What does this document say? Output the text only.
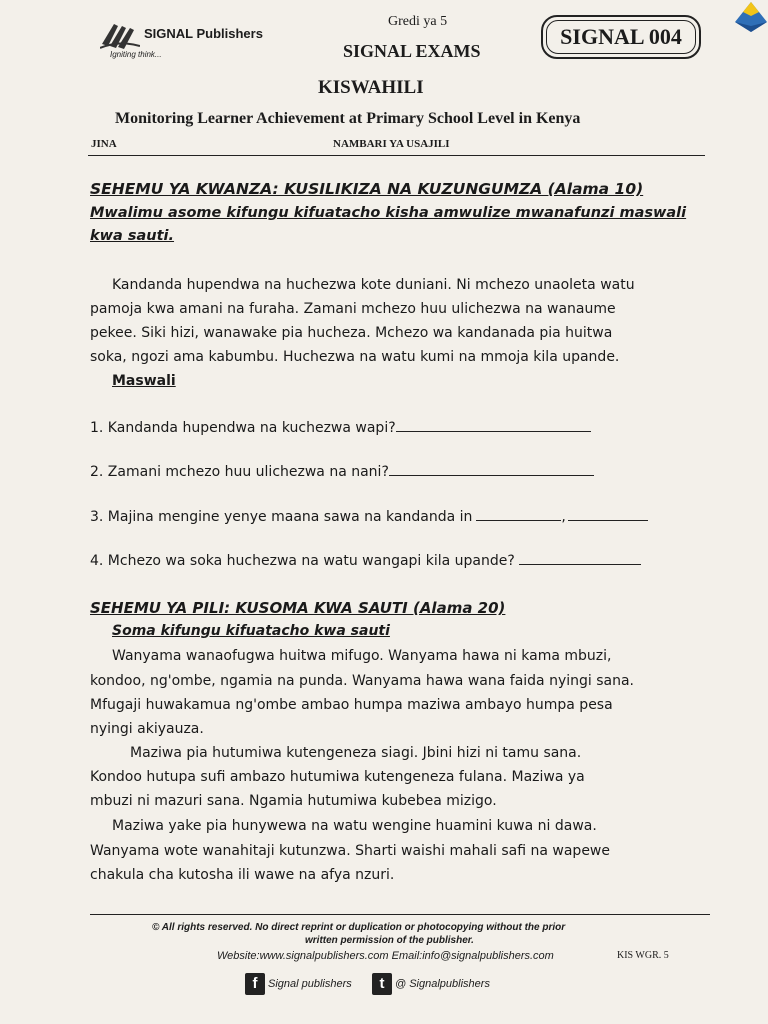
SIGNAL Publishers
Igniting think...
Gredi ya 5
SIGNAL EXAMS
SIGNAL 004
KISWAHILI
Monitoring Learner Achievement at Primary School Level in Kenya
JINA	NAMBARI YA USAJILI
SEHEMU YA KWANZA: KUSILIKIZA NA KUZUNGUMZA (Alama 10)
Mwalimu asome kifungu kifuatacho kisha amwulize mwanafunzi maswali
kwa sauti.
Kandanda hupendwa na huchezwa kote duniani. Ni mchezo unaoleta watu
pamoja kwa amani na furaha. Zamani mchezo huu ulichezwa na wanaume
pekee. Siki hizi, wanawake pia hucheza. Mchezo wa kandanada pia huitwa
soka, ngozi ama kabumbu. Huchezwa na watu kumi na mmoja kila upande.
Maswali
1. Kandanda hupendwa na kuchezwa wapi?
2. Zamani mchezo huu ulichezwa na nani?
3. Majina mengine yenye maana sawa na kandanda in	,
4. Mchezo wa soka huchezwa na watu wangapi kila upande?
SEHEMU YA PILI: KUSOMA KWA SAUTI (Alama 20)
Soma kifungu kifuatacho kwa sauti
Wanyama wanaofugwa huitwa mifugo. Wanyama hawa ni kama mbuzi,
kondoo, ng'ombe, ngamia na punda. Wanyama hawa wana faida nyingi sana.
Mfugaji huwakamua ng'ombe ambao humpa maziwa ambayo humpa pesa
nyingi akiyauza.
Maziwa pia hutumiwa kutengeneza siagi. Jbini hizi ni tamu sana.
Kondoo hutupa sufi ambazo hutumiwa kutengeneza fulana. Maziwa ya
mbuzi ni mazuri sana. Ngamia hutumiwa kubebea mizigo.
Maziwa yake pia hunywewa na watu wengine huamini kuwa ni dawa.
Wanyama wote wanahitaji kutunzwa. Sharti waishi mahali safi na wapewe
chakula cha kutosha ili wawe na afya nzuri.
© All rights reserved. No direct reprint or duplication or photocopying without the prior
written permission of the publisher.
Website:www.signalpublishers.com Email:info@signalpublishers.com	KIS WGR. 5
f Signal publishers	t @ Signalpublishers
